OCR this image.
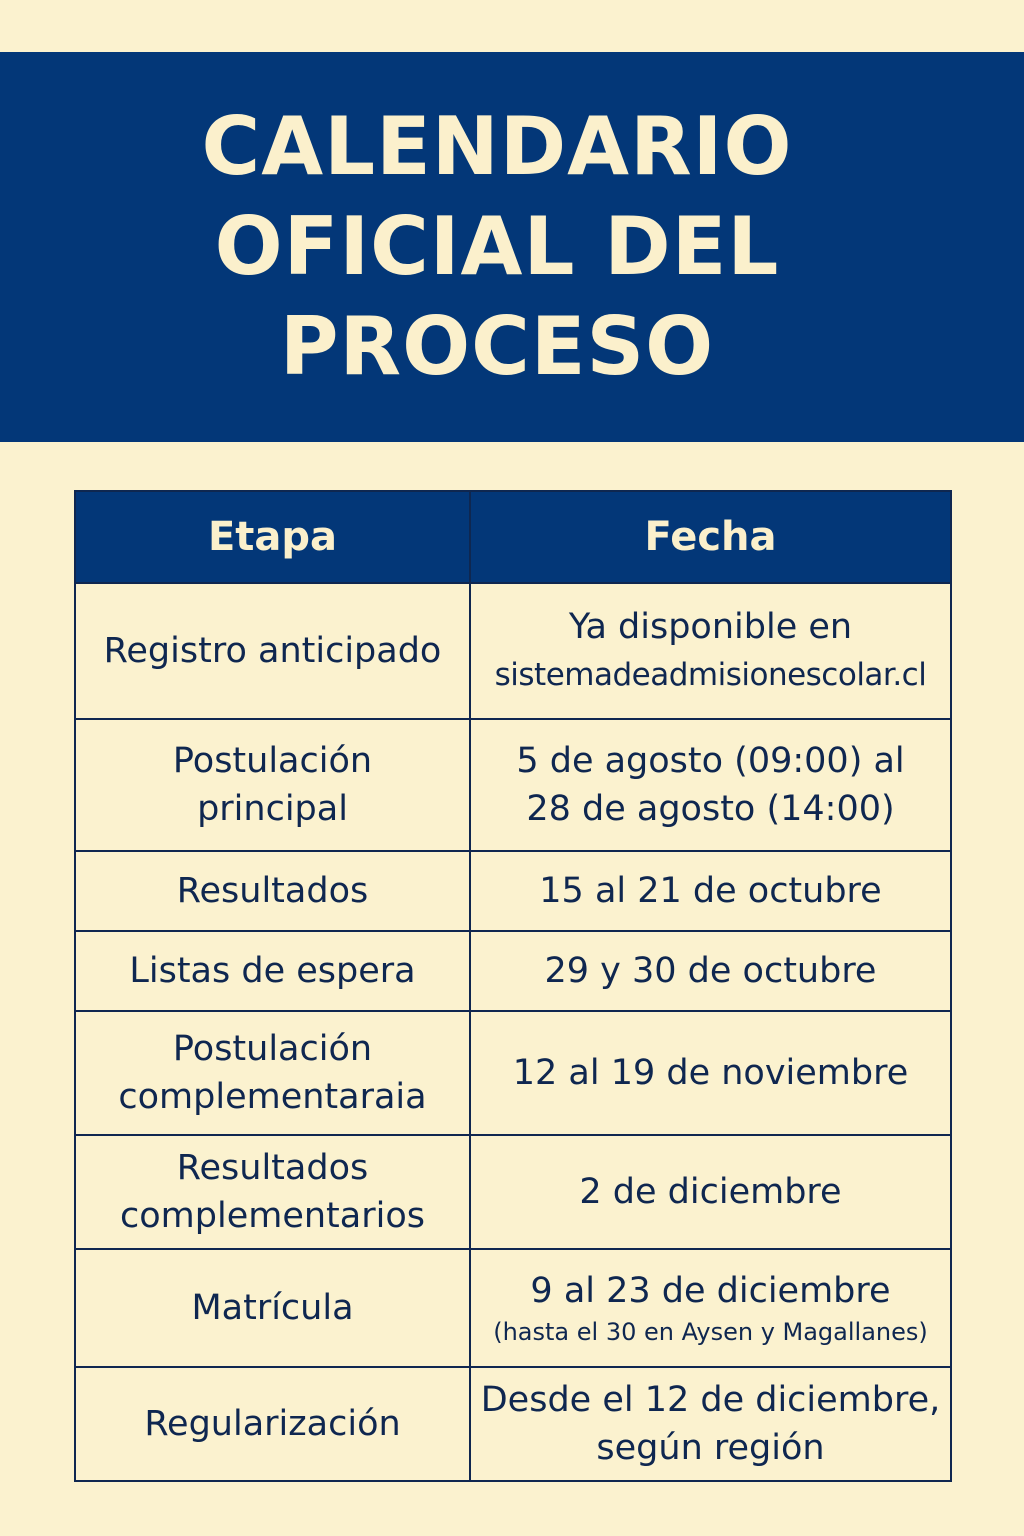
CALENDARIO
OFICIAL DEL
PROCESO
Etapa	Fecha

Registro anticipado	Ya disponible en
sistemadeadmisionescolar.cl

Postulación
principal	5 de agosto (09:00) al
28 de agosto (14:00)

Resultados	15 al 21 de octubre

Listas de espera	29 y 30 de octubre

Postulación
complementaraia	12 al 19 de noviembre

Resultados
complementarios	2 de diciembre

Matrícula	9 al 23 de diciembre
(hasta el 30 en Aysen y Magallanes)

Regularización	Desde el 12 de diciembre,
según región
